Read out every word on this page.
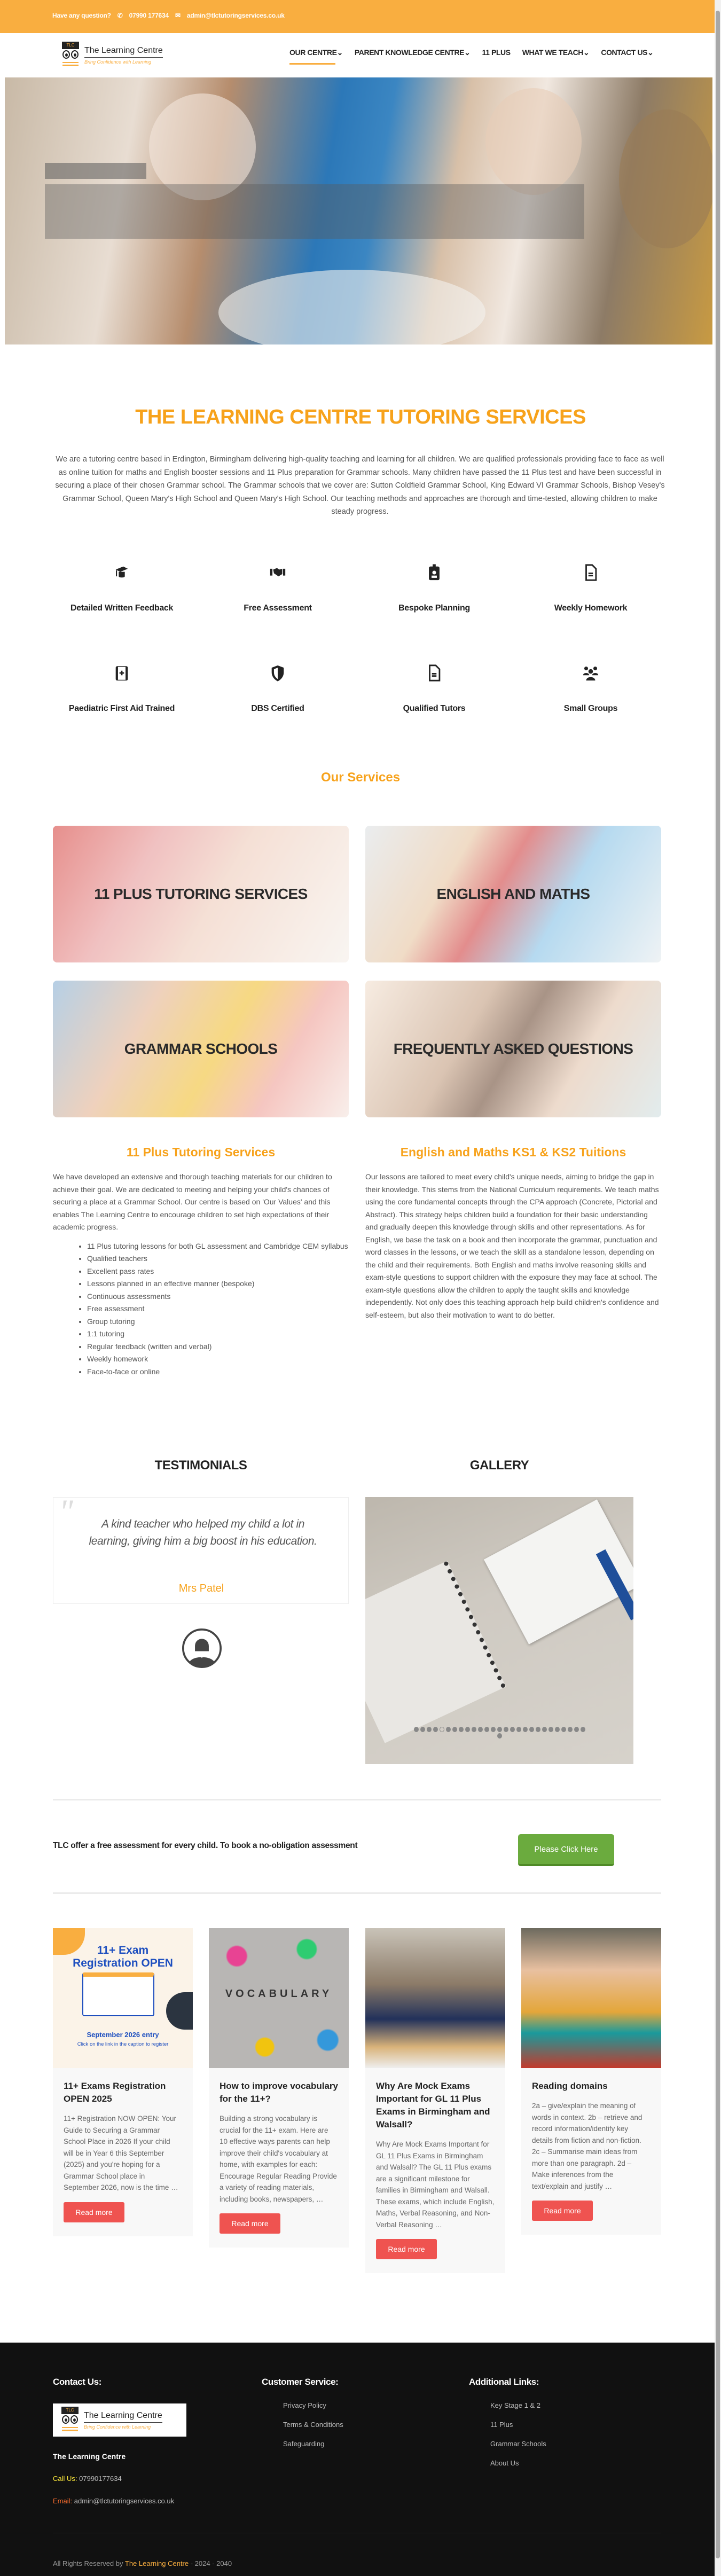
Have any question? ✆ 07990 177634 ✉ admin@tlctutoringservices.co.uk
TLC
The Learning Centre
Bring Confidence with Learning
OUR CENTRE⌄ PARENT KNOWLEDGE CENTRE⌄ 11 PLUS WHAT WE TEACH⌄ CONTACT US⌄
THE LEARNING CENTRE TUTORING SERVICES

We are a tutoring centre based in Erdington, Birmingham delivering high-quality teaching and learning for all children. We are qualified professionals providing face to face as well as online tuition for maths and English booster sessions and 11 Plus preparation for Grammar schools. Many children have passed the 11 Plus test and have been successful in securing a place of their chosen Grammar school. The Grammar schools that we cover are: Sutton Coldfield Grammar School, King Edward VI Grammar Schools, Bishop Vesey's Grammar School, Queen Mary's High School and Queen Mary's High School. Our teaching methods and approaches are thorough and time-tested, allowing children to make steady progress.

Detailed Written Feedback	Free Assessment	Bespoke Planning	Weekly Homework
Paediatric First Aid Trained	DBS Certified	Qualified Tutors	Small Groups
Our Services
11 PLUS TUTORING SERVICES	ENGLISH AND MATHS
GRAMMAR SCHOOLS	FREQUENTLY ASKED QUESTIONS
11 Plus Tutoring Services

We have developed an extensive and thorough teaching materials for our children to achieve their goal. We are dedicated to meeting and helping your child's chances of securing a place at a Grammar School. Our centre is based on 'Our Values' and this enables The Learning Centre to encourage children to set high expectations of their academic progress.

• 11 Plus tutoring lessons for both GL assessment and Cambridge CEM syllabus
• Qualified teachers
• Excellent pass rates
• Lessons planned in an effective manner (bespoke)
• Continuous assessments
• Free assessment
• Group tutoring
• 1:1 tutoring
• Regular feedback (written and verbal)
• Weekly homework
• Face-to-face or online
English and Maths KS1 & KS2 Tuitions

Our lessons are tailored to meet every child's unique needs, aiming to bridge the gap in their knowledge. This stems from the National Curriculum requirements. We teach maths using the core fundamental concepts through the CPA approach (Concrete, Pictorial and Abstract). This strategy helps children build a foundation for their basic understanding and gradually deepen this knowledge through skills and other representations. As for English, we base the task on a book and then incorporate the grammar, punctuation and word classes in the lessons, or we teach the skill as a standalone lesson, depending on the child and their requirements. Both English and maths involve reasoning skills and exam-style questions to support children with the exposure they may face at school. The exam-style questions allow the children to apply the taught skills and knowledge independently. Not only does this teaching approach help build children's confidence and self-esteem, but also their motivation to want to do better.

TESTIMONIALS	GALLERY
"	A kind teacher who helped my child a lot in learning, giving him a big boost in his education.
Mrs Patel
TLC offer a free assessment for every child. To book a no-obligation assessment	Please Click Here
11+ Exam
Registration OPEN
September 2026 entry
Click on the link in the caption to register
11+ Exams Registration OPEN 2025

11+ Registration NOW OPEN: Your Guide to Securing a Grammar School Place in 2026 If your child will be in Year 6 this September (2025) and you're hoping for a Grammar School place in September 2026, now is the time …

Read more
VOCABULARY
How to improve vocabulary for the 11+?

Building a strong vocabulary is crucial for the 11+ exam. Here are 10 effective ways parents can help improve their child's vocabulary at home, with examples for each: Encourage Regular Reading Provide a variety of reading materials, including books, newspapers, …

Read more
Why Are Mock Exams Important for GL 11 Plus Exams in Birmingham and Walsall?

Why Are Mock Exams Important for GL 11 Plus Exams in Birmingham and Walsall? The GL 11 Plus exams are a significant milestone for families in Birmingham and Walsall. These exams, which include English, Maths, Verbal Reasoning, and Non-Verbal Reasoning …

Read more
Reading domains

2a – give/explain the meaning of words in context. 2b – retrieve and record information/identify key details from fiction and non-fiction. 2c – Summarise main ideas from more than one paragraph. 2d – Make inferences from the text/explain and justify …

Read more
Contact Us:
TLC
The Learning Centre
Bring Confidence with Learning
The Learning Centre
Call Us: 07990177634
Email: admin@tlctutoringservices.co.uk
Customer Service:
Privacy Policy
Terms & Conditions
Safeguarding
Additional Links:
Key Stage 1 & 2
11 Plus
Grammar Schools
About Us
All Rights Reserved by The Learning Centre - 2024 - 2040
